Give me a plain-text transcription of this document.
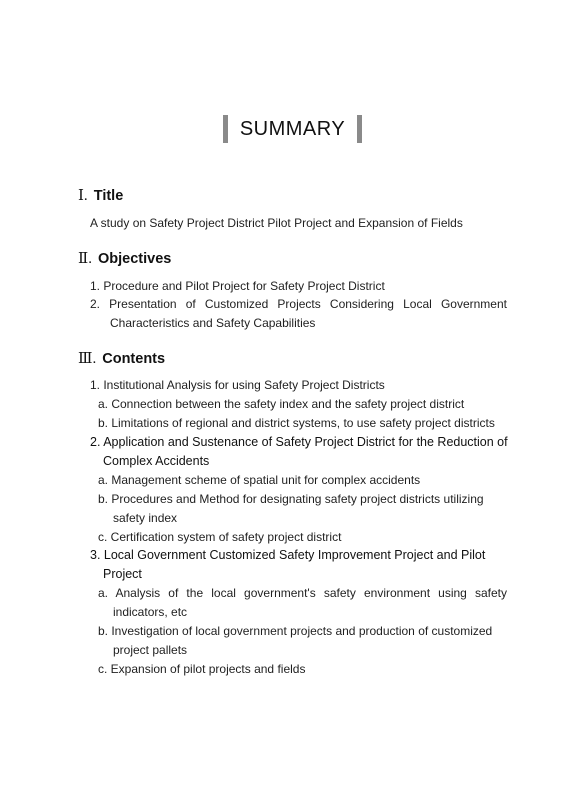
SUMMARY
Ⅰ. Title
A study on Safety Project District Pilot Project and Expansion of Fields
Ⅱ. Objectives
1. Procedure and Pilot Project for Safety Project District
2. Presentation of Customized Projects Considering Local Government
Characteristics and Safety Capabilities
Ⅲ. Contents
1. Institutional Analysis for using Safety Project Districts
a. Connection between the safety index and the safety project district
b. Limitations of regional and district systems, to use safety project districts
2. Application and Sustenance of Safety Project District for the Reduction of
Complex Accidents
a. Management scheme of spatial unit for complex accidents
b. Procedures and Method for designating safety project districts utilizing
safety index
c. Certification system of safety project district
3. Local Government Customized Safety Improvement Project and Pilot
Project
a. Analysis of the local government's safety environment using safety
indicators, etc
b. Investigation of local government projects and production of customized
project pallets
c. Expansion of pilot projects and fields
